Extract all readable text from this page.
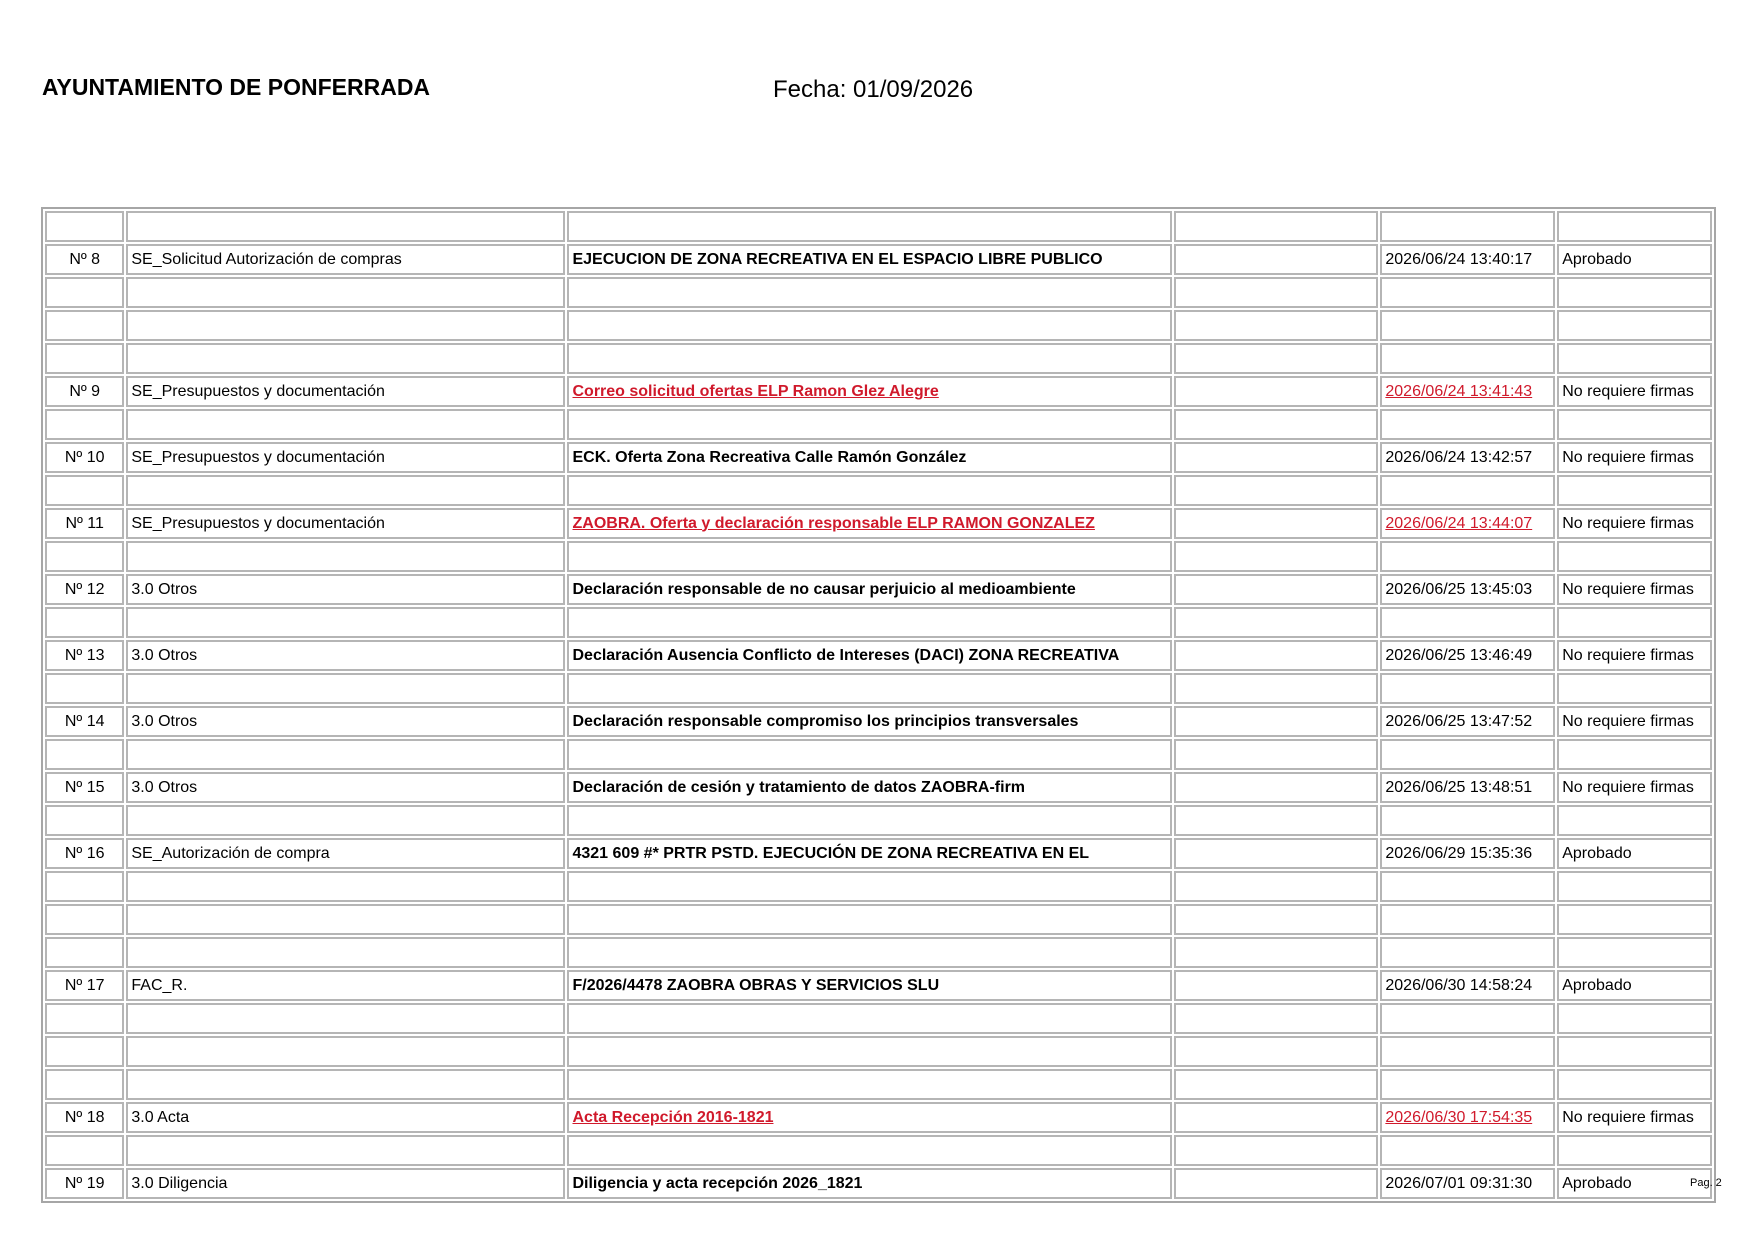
AYUNTAMIENTO DE PONFERRADA	Fecha: 01/09/2026

Nº 8	SE_Solicitud Autorización de compras	EJECUCION DE ZONA RECREATIVA EN EL ESPACIO LIBRE PUBLICO		2026/06/24 13:40:17	Aprobado

Nº 9	SE_Presupuestos y documentación	Correo solicitud ofertas ELP Ramon Glez Alegre		2026/06/24 13:41:43	No requiere firmas

Nº 10	SE_Presupuestos y documentación	ECK. Oferta Zona Recreativa Calle Ramón González		2026/06/24 13:42:57	No requiere firmas

Nº 11	SE_Presupuestos y documentación	ZAOBRA. Oferta y declaración responsable ELP RAMON GONZALEZ		2026/06/24 13:44:07	No requiere firmas

Nº 12	3.0 Otros	Declaración responsable de no causar perjuicio al medioambiente		2026/06/25 13:45:03	No requiere firmas

Nº 13	3.0 Otros	Declaración Ausencia Conflicto de Intereses (DACI) ZONA RECREATIVA		2026/06/25 13:46:49	No requiere firmas

Nº 14	3.0 Otros	Declaración responsable compromiso los principios transversales		2026/06/25 13:47:52	No requiere firmas

Nº 15	3.0 Otros	Declaración de cesión y tratamiento de datos ZAOBRA-firm		2026/06/25 13:48:51	No requiere firmas

Nº 16	SE_Autorización de compra	4321 609 #* PRTR PSTD. EJECUCIÓN DE ZONA RECREATIVA EN EL		2026/06/29 15:35:36	Aprobado

Nº 17	FAC_R.	F/2026/4478 ZAOBRA OBRAS Y SERVICIOS SLU		2026/06/30 14:58:24	Aprobado

Nº 18	3.0 Acta	Acta Recepción 2016-1821		2026/06/30 17:54:35	No requiere firmas

Nº 19	3.0 Diligencia	Diligencia y acta recepción 2026_1821		2026/07/01 09:31:30	Aprobado	Pag. 2
